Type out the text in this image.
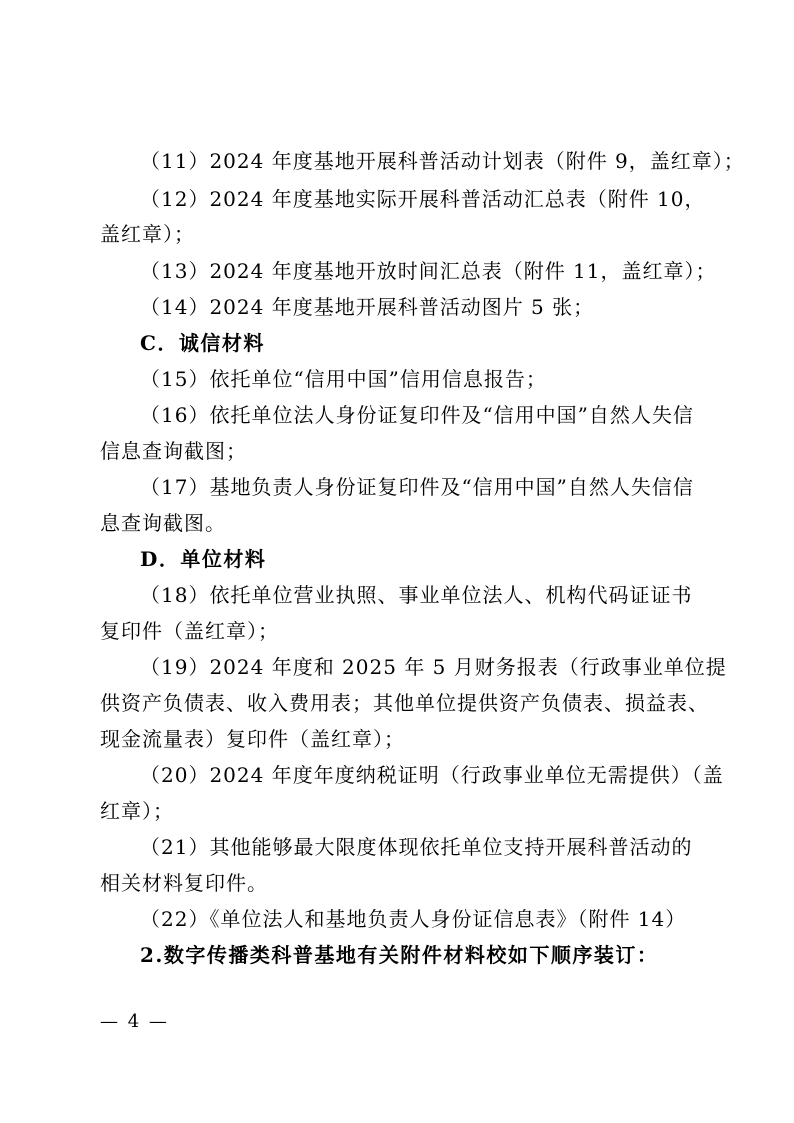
（11）2024 年度基地开展科普活动计划表（附件 9，盖红章）；
（12）2024 年度基地实际开展科普活动汇总表（附件 10，
盖红章）；
（13）2024 年度基地开放时间汇总表（附件 11，盖红章）；
（14）2024 年度基地开展科普活动图片 5 张；
C．诚信材料
（15）依托单位“信用中国”信用信息报告；
（16）依托单位法人身份证复印件及“信用中国”自然人失信
信息查询截图；
（17）基地负责人身份证复印件及“信用中国”自然人失信信
息查询截图。
D．单位材料
（18）依托单位营业执照、事业单位法人、机构代码证证书
复印件（盖红章）；
（19）2024 年度和 2025 年 5 月财务报表（行政事业单位提
供资产负债表、收入费用表；其他单位提供资产负债表、损益表、
现金流量表）复印件（盖红章）；
（20）2024 年度年度纳税证明（行政事业单位无需提供）（盖
红章）；
（21）其他能够最大限度体现依托单位支持开展科普活动的
相关材料复印件。
（22）《单位法人和基地负责人身份证信息表》（附件 14）
2.数字传播类科普基地有关附件材料校如下顺序装订：
— 4 —
